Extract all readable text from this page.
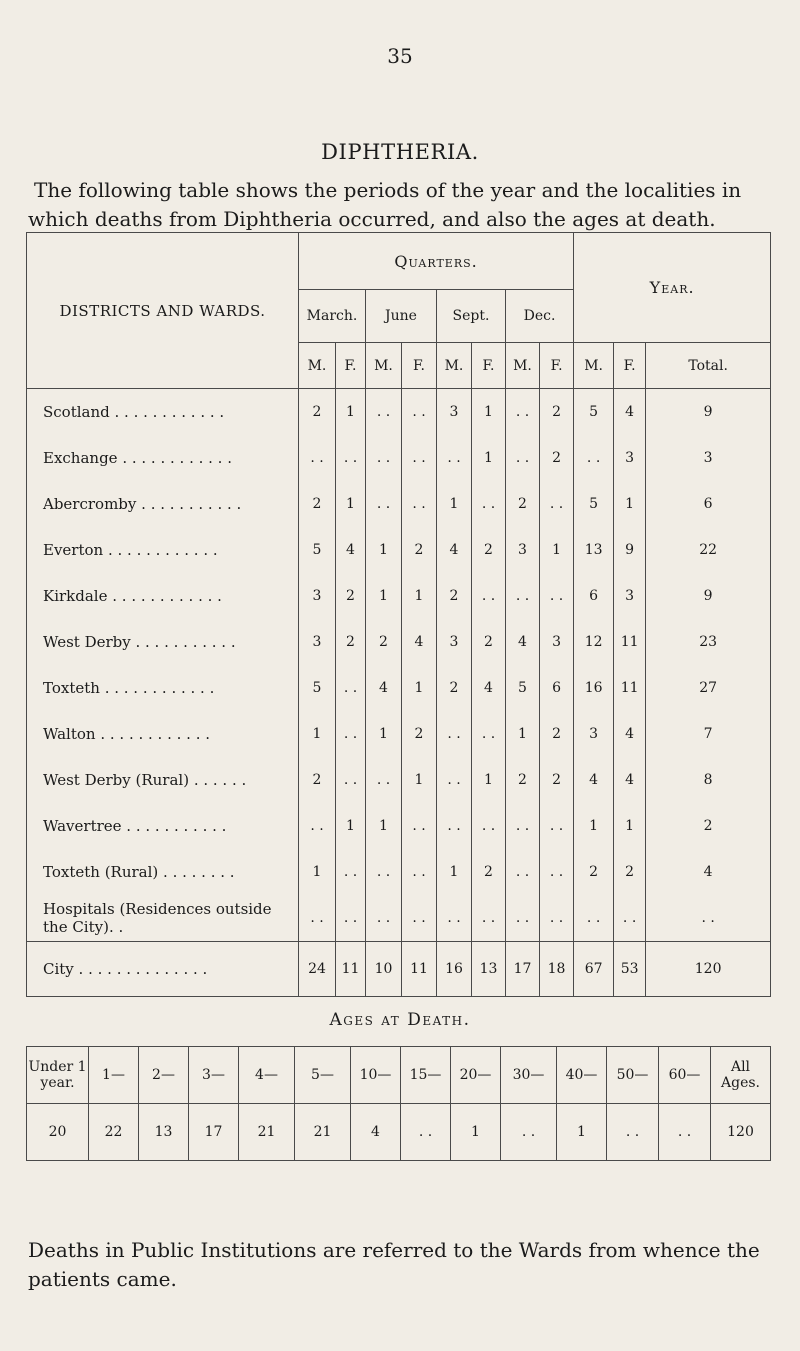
35
DIPHTHERIA.
The following table shows the periods of the year and the localities in which deaths from Diphtheria occurred, and also the ages at death.
DISTRICTS AND WARDS.	Quarters.								Year.		
	March.		June		Sept.		Dec.				
	M.	F.	M.	F.	M.	F.	M.	F.	M.	F.	Total.
Scotland . . . . . . . . . . . .	2	1	. .	. .	3	1	. .	2	5	4	9
Exchange . . . . . . . . . . . .	. .	. .	. .	. .	. .	1	. .	2	. .	3	3
Abercromby . . . . . . . . . . .	2	1	. .	. .	1	. .	2	. .	5	1	6
Everton . . . . . . . . . . . .	5	4	1	2	4	2	3	1	13	9	22
Kirkdale . . . . . . . . . . . .	3	2	1	1	2	. .	. .	. .	6	3	9
West Derby . . . . . . . . . . .	3	2	2	4	3	2	4	3	12	11	23
Toxteth . . . . . . . . . . . .	5	. .	4	1	2	4	5	6	16	11	27
Walton . . . . . . . . . . . .	1	. .	1	2	. .	. .	1	2	3	4	7
West Derby (Rural) . . . . . .	2	. .	. .	1	. .	1	2	2	4	4	8
Wavertree . . . . . . . . . . .	. .	1	1	. .	. .	. .	. .	. .	1	1	2
Toxteth (Rural) . . . . . . . .	1	. .	. .	. .	1	2	. .	. .	2	2	4
Hospitals (Residences outside the City). .	. .	. .	. .	. .	. .	. .	. .	. .	. .	. .	. .
City . . . . . . . . . . . . . .	24	11	10	11	16	13	17	18	67	53	120
Ages at Death.
Under 1 year.	1—	2—	3—	4—	5—	10—	15—	20—	30—	40—	50—	60—	All Ages.
20	22	13	17	21	21	4	. .	1	. .	1	. .	. .	120
Deaths in Public Institutions are referred to the Wards from whence the patients came.
